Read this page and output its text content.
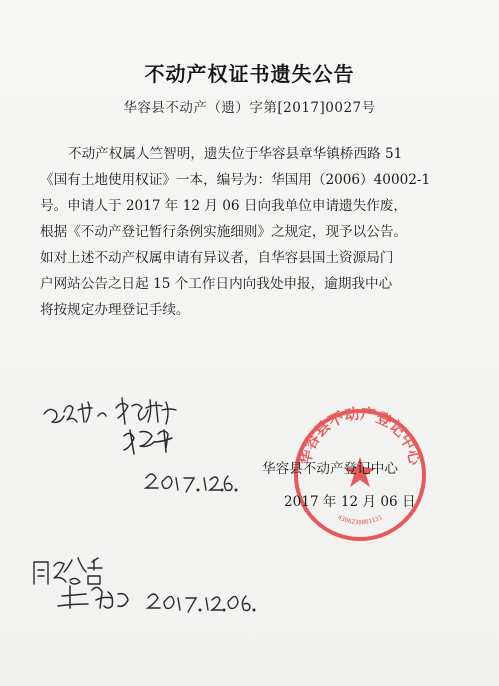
不动产权证书遗失公告
华容县不动产（遗）字第[2017]0027号
不动产权属人竺智明，遗失位于华容县章华镇桥西路 51
《国有土地使用权证》一本，编号为：华国用（2006）40002-1
号。申请人于 2017 年 12 月 06 日向我单位申请遗失作废，
根据《不动产登记暂行条例实施细则》之规定，现予以公告。
如对上述不动产权属申请有异议者，自华容县国土资源局门
户网站公告之日起 15 个工作日内向我处申报，逾期我中心
将按规定办理登记手续。
华容县不动产登记中心
4306230001131
华容县不动产登记中心
2017 年 12 月 06 日
